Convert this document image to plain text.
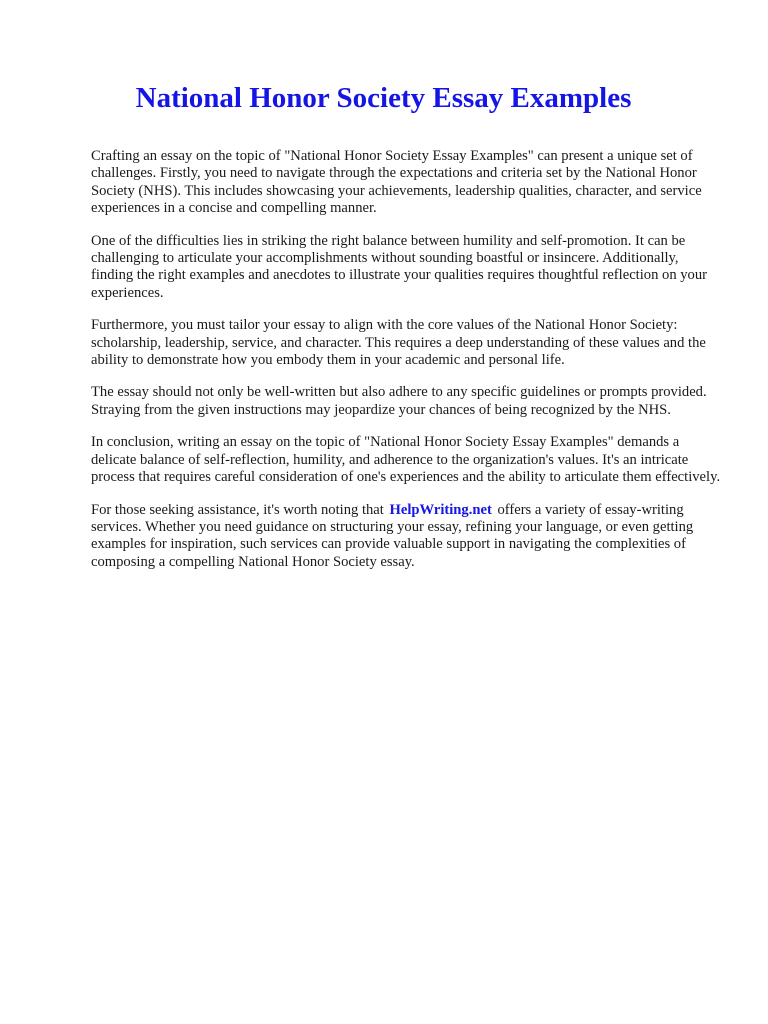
National Honor Society Essay Examples

Crafting an essay on the topic of "National Honor Society Essay Examples" can present a unique set of challenges. Firstly, you need to navigate through the expectations and criteria set by the National Honor Society (NHS). This includes showcasing your achievements, leadership qualities, character, and service experiences in a concise and compelling manner.

One of the difficulties lies in striking the right balance between humility and self-promotion. It can be challenging to articulate your accomplishments without sounding boastful or insincere. Additionally, finding the right examples and anecdotes to illustrate your qualities requires thoughtful reflection on your experiences.

Furthermore, you must tailor your essay to align with the core values of the National Honor Society: scholarship, leadership, service, and character. This requires a deep understanding of these values and the ability to demonstrate how you embody them in your academic and personal life.

The essay should not only be well-written but also adhere to any specific guidelines or prompts provided. Straying from the given instructions may jeopardize your chances of being recognized by the NHS.

In conclusion, writing an essay on the topic of "National Honor Society Essay Examples" demands a delicate balance of self-reflection, humility, and adherence to the organization's values. It's an intricate process that requires careful consideration of one's experiences and the ability to articulate them effectively.

For those seeking assistance, it's worth noting that HelpWriting.net offers a variety of essay-writing services. Whether you need guidance on structuring your essay, refining your language, or even getting examples for inspiration, such services can provide valuable support in navigating the complexities of composing a compelling National Honor Society essay.
